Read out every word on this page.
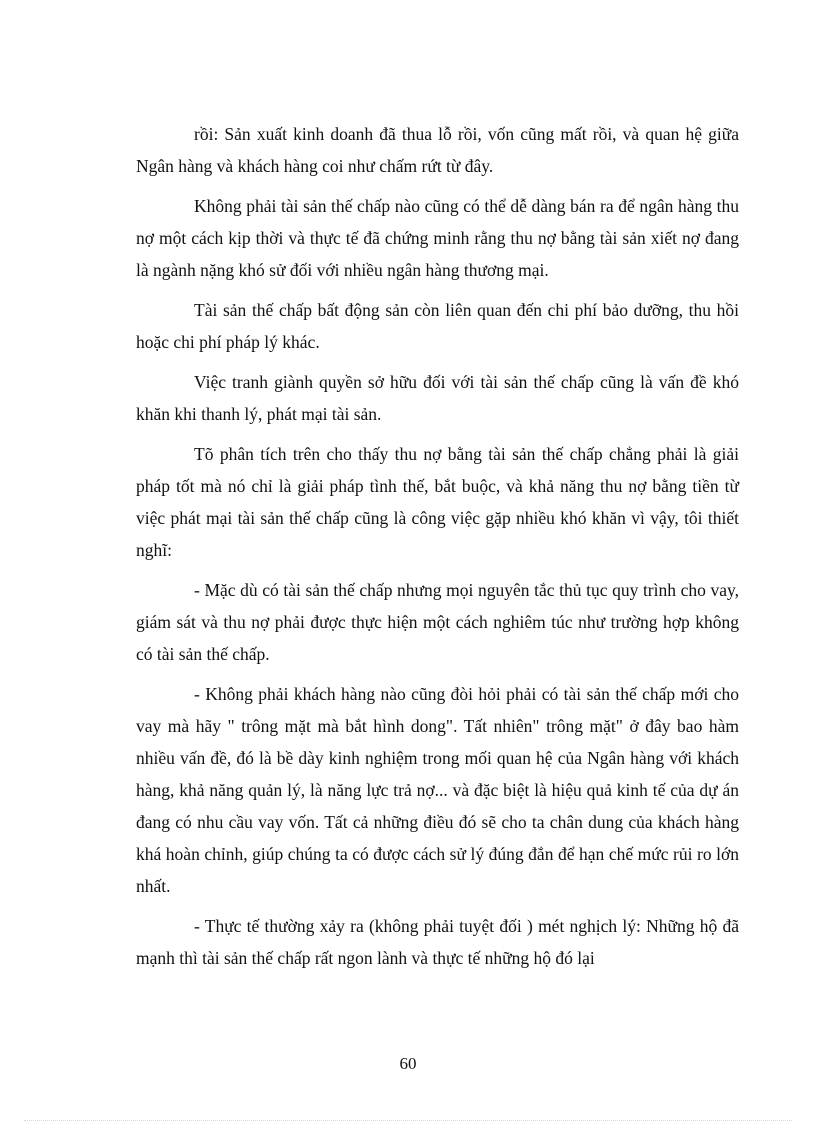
rồi: Sản xuất kinh doanh đã thua lỗ rồi, vốn cũng mất rồi, và quan hệ giữa Ngân hàng và khách hàng coi như chấm rứt từ đây.

Không phải tài sản thế chấp nào cũng có thể dễ dàng bán ra để ngân hàng thu nợ một cách kịp thời và thực tế đã chứng minh rằng thu nợ bằng tài sản xiết nợ đang là ngành nặng khó sử đối với nhiều ngân hàng thương mại.

Tài sản thế chấp bất động sản còn liên quan đến chi phí bảo dưỡng, thu hồi hoặc chi phí pháp lý khác.

Việc tranh giành quyền sở hữu đối với tài sản thế chấp cũng là vấn đề khó khăn khi thanh lý, phát mại tài sản.

Tõ phân tích trên cho thấy thu nợ bằng tài sản thế chấp chẳng phải là giải pháp tốt mà nó chỉ là giải pháp tình thế, bắt buộc, và khả năng thu nợ bằng tiền từ việc phát mại tài sản thế chấp cũng là công việc gặp nhiều khó khăn vì vậy, tôi thiết nghĩ:

- Mặc dù có tài sản thế chấp nhưng mọi nguyên tắc thủ tục quy trình cho vay, giám sát và thu nợ phải được thực hiện một cách nghiêm túc như trường hợp không có tài sản thế chấp.

- Không phải khách hàng nào cũng đòi hỏi phải có tài sản thế chấp mới cho vay mà hãy " trông mặt mà bắt hình dong". Tất nhiên" trông mặt" ở đây bao hàm nhiều vấn đề, đó là bề dày kinh nghiệm trong mối quan hệ của Ngân hàng với khách hàng, khả năng quản lý, là năng lực trả nợ... và đặc biệt là hiệu quả kinh tế của dự án đang có nhu cầu vay vốn. Tất cả những điều đó sẽ cho ta chân dung của khách hàng khá hoàn chỉnh, giúp chúng ta có được cách sử lý đúng đắn để hạn chế mức rủi ro lớn nhất.

- Thực tế thường xảy ra (không phải tuyệt đối ) mét nghịch lý: Những hộ đã mạnh thì tài sản thế chấp rất ngon lành và thực tế những hộ đó lại

60
